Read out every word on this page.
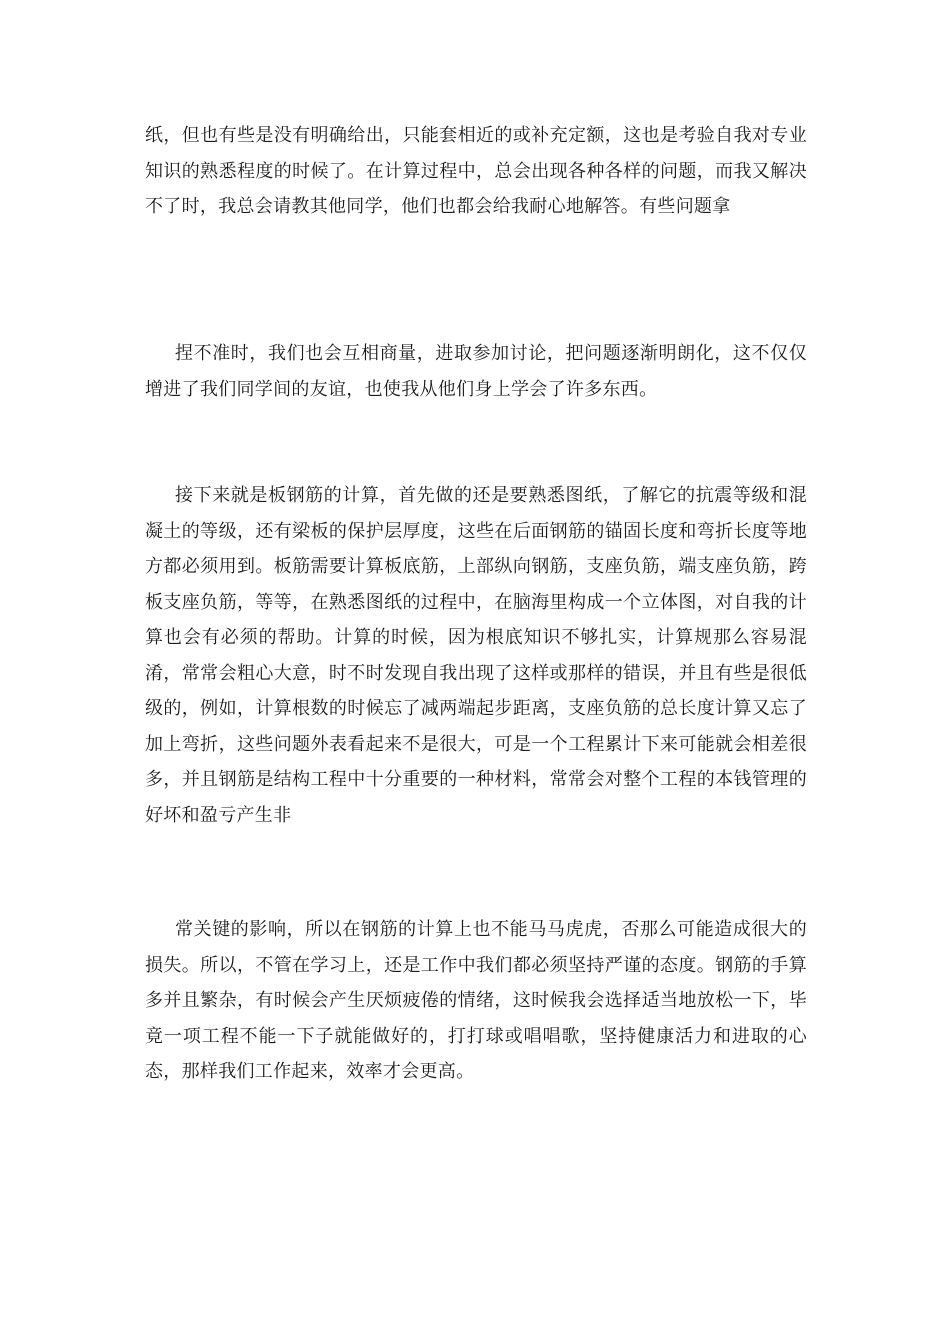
纸，但也有些是没有明确给出，只能套相近的或补充定额，这也是考验自我对专业知识的熟悉程度的时候了。在计算过程中，总会出现各种各样的问题，而我又解决不了时，我总会请教其他同学，他们也都会给我耐心地解答。有些问题拿

捏不准时，我们也会互相商量，进取参加讨论，把问题逐渐明朗化，这不仅仅增进了我们同学间的友谊，也使我从他们身上学会了许多东西。

接下来就是板钢筋的计算，首先做的还是要熟悉图纸，了解它的抗震等级和混凝土的等级，还有梁板的保护层厚度，这些在后面钢筋的锚固长度和弯折长度等地方都必须用到。板筋需要计算板底筋，上部纵向钢筋，支座负筋，端支座负筋，跨板支座负筋，等等，在熟悉图纸的过程中，在脑海里构成一个立体图，对自我的计算也会有必须的帮助。计算的时候，因为根底知识不够扎实，计算规那么容易混淆，常常会粗心大意，时不时发现自我出现了这样或那样的错误，并且有些是很低级的，例如，计算根数的时候忘了减两端起步距离，支座负筋的总长度计算又忘了加上弯折，这些问题外表看起来不是很大，可是一个工程累计下来可能就会相差很多，并且钢筋是结构工程中十分重要的一种材料，常常会对整个工程的本钱管理的好坏和盈亏产生非

常关键的影响，所以在钢筋的计算上也不能马马虎虎，否那么可能造成很大的损失。所以，不管在学习上，还是工作中我们都必须坚持严谨的态度。钢筋的手算多并且繁杂，有时候会产生厌烦疲倦的情绪，这时候我会选择适当地放松一下，毕竟一项工程不能一下子就能做好的，打打球或唱唱歌，坚持健康活力和进取的心态，那样我们工作起来，效率才会更高。
